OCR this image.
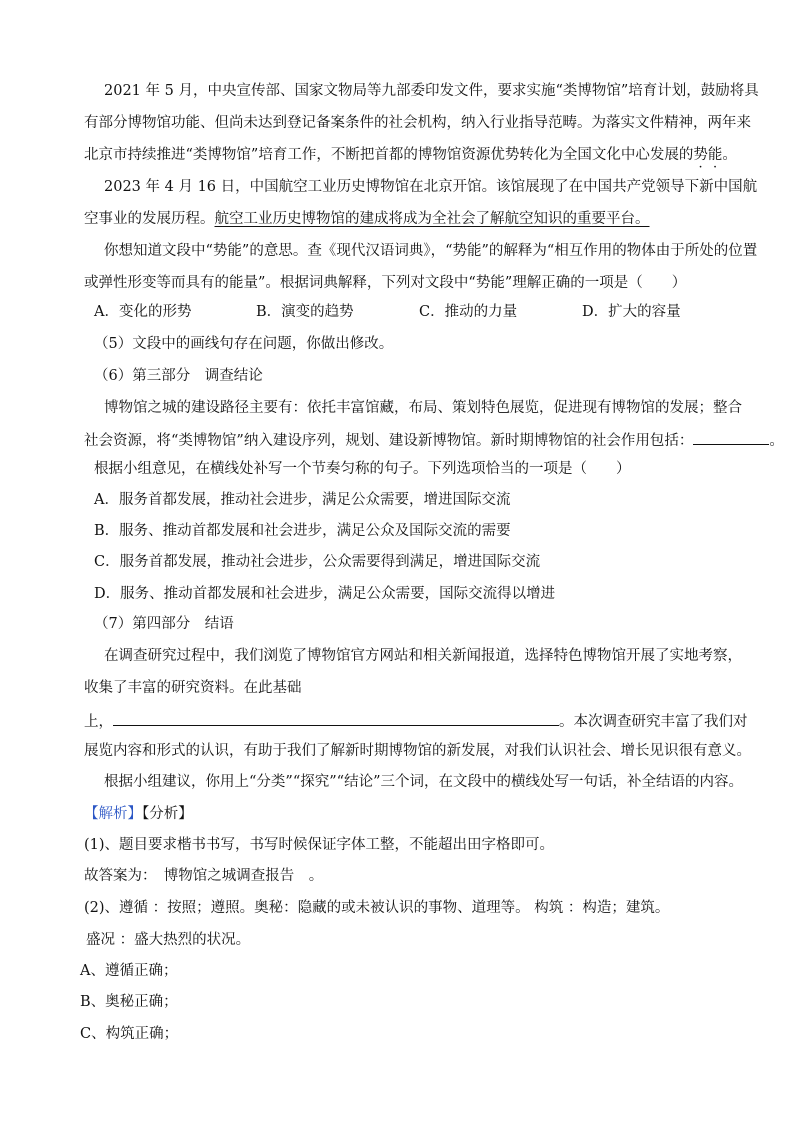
2021 年 5 月，中央宣传部、国家文物局等九部委印发文件，要求实施“类博物馆”培育计划，鼓励将具
有部分博物馆功能、但尚未达到登记备案条件的社会机构，纳入行业指导范畴。为落实文件精神，两年来
北京市持续推进“类博物馆”培育工作，不断把首都的博物馆资源优势转化为全国文化中心发展的势能。
2023 年 4 月 16 日，中国航空工业历史博物馆在北京开馆。该馆展现了在中国共产党领导下新中国航
空事业的发展历程。航空工业历史博物馆的建成将成为全社会了解航空知识的重要平台。
你想知道文段中“势能”的意思。查《现代汉语词典》，“势能”的解释为“相互作用的物体由于所处的位置
或弹性形变等而具有的能量”。根据词典解释，下列对文段中“势能”理解正确的一项是（　　）
A．变化的形势	B．演变的趋势	C．推动的力量	D．扩大的容量
（5）文段中的画线句存在问题，你做出修改。
（6）第三部分　调查结论
博物馆之城的建设路径主要有：依托丰富馆藏，布局、策划特色展览，促进现有博物馆的发展；整合
社会资源，将“类博物馆”纳入建设序列，规划、建设新博物馆。新时期博物馆的社会作用包括：	。
根据小组意见，在横线处补写一个节奏匀称的句子。下列选项恰当的一项是（　　）
A．服务首都发展，推动社会进步，满足公众需要，增进国际交流
B．服务、推动首都发展和社会进步，满足公众及国际交流的需要
C．服务首都发展，推动社会进步，公众需要得到满足，增进国际交流
D．服务、推动首都发展和社会进步，满足公众需要，国际交流得以增进
（7）第四部分　结语
在调查研究过程中，我们浏览了博物馆官方网站和相关新闻报道，选择特色博物馆开展了实地考察，
收集了丰富的研究资料。在此基础
上，	。本次调查研究丰富了我们对
展览内容和形式的认识，有助于我们了解新时期博物馆的新发展，对我们认识社会、增长见识很有意义。
根据小组建议，你用上“分类”“探究”“结论”三个词，在文段中的横线处写一句话，补全结语的内容。
【解析】【分析】
(1)、题目要求楷书书写，书写时候保证字体工整，不能超出田字格即可。
故答案为：　博物馆之城调查报告　。
(2)、遵循 ：按照；遵照。奥秘：隐藏的或未被认识的事物、道理等。 构筑 ：构造；建筑。
盛况 ：盛大热烈的状况。
A、遵循正确；
B、奥秘正确；
C、构筑正确；
